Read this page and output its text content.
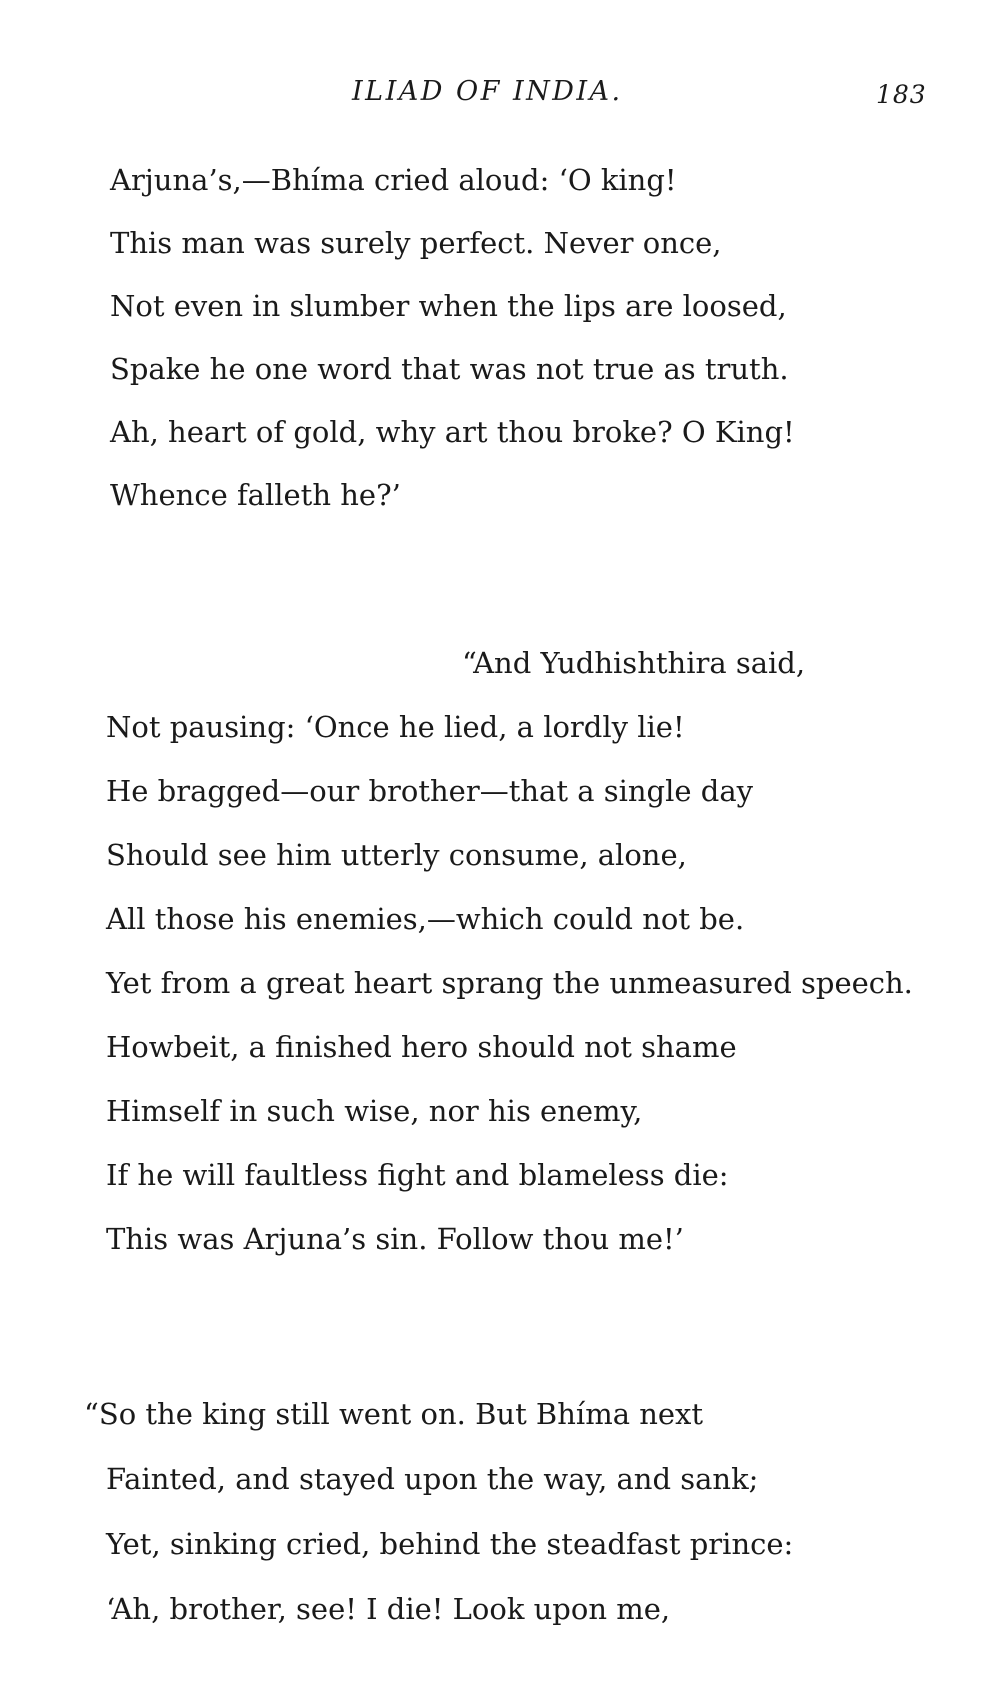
ILIAD OF INDIA.	183
Arjuna’s,—Bhíma cried aloud: ‘O king!
This man was surely perfect. Never once,
Not even in slumber when the lips are loosed,
Spake he one word that was not true as truth.
Ah, heart of gold, why art thou broke? O King!
Whence falleth he?’
“And Yudhishthira said,
Not pausing: ‘Once he lied, a lordly lie!
He bragged—our brother—that a single day
Should see him utterly consume, alone,
All those his enemies,—which could not be.
Yet from a great heart sprang the unmeasured speech.
Howbeit, a finished hero should not shame
Himself in such wise, nor his enemy,
If he will faultless fight and blameless die:
This was Arjuna’s sin. Follow thou me!’
“So the king still went on. But Bhíma next
Fainted, and stayed upon the way, and sank;
Yet, sinking cried, behind the steadfast prince:
‘Ah, brother, see! I die! Look upon me,
